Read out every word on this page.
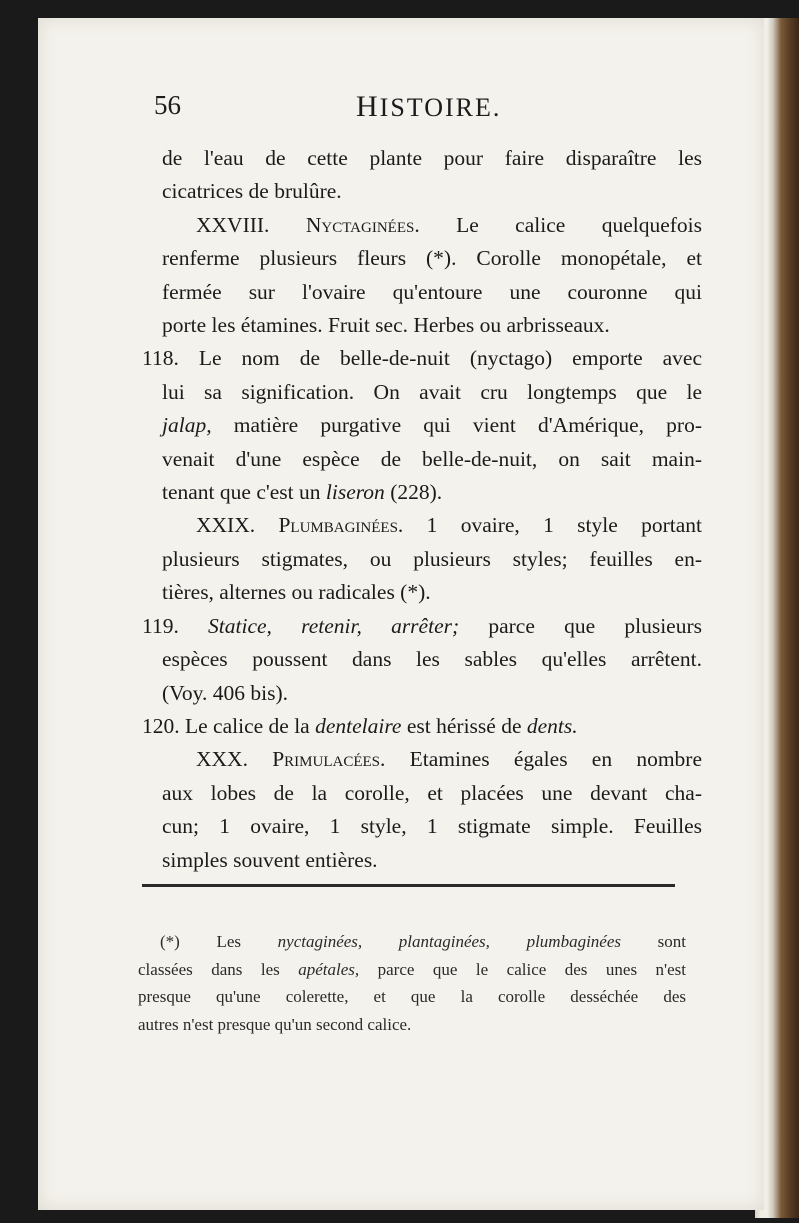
56	HISTOIRE.

de l'eau de cette plante pour faire disparaître les

cicatrices de brulûre.

XXVIII. Nyctaginées. Le calice quelquefois

renferme plusieurs fleurs (*). Corolle monopétale, et

fermée sur l'ovaire qu'entoure une couronne qui

porte les étamines. Fruit sec. Herbes ou arbrisseaux.

118. Le nom de belle-de-nuit (nyctago) emporte avec

lui sa signification. On avait cru longtemps que le

jalap, matière purgative qui vient d'Amérique, pro-

venait d'une espèce de belle-de-nuit, on sait main-

tenant que c'est un liseron (228).

XXIX. Plumbaginées. 1 ovaire, 1 style portant

plusieurs stigmates, ou plusieurs styles; feuilles en-

tières, alternes ou radicales (*).

119. Statice, retenir, arrêter; parce que plusieurs

espèces poussent dans les sables qu'elles arrêtent.

(Voy. 406 bis).

120. Le calice de la dentelaire est hérissé de dents.

XXX. Primulacées. Etamines égales en nombre

aux lobes de la corolle, et placées une devant cha-

cun; 1 ovaire, 1 style, 1 stigmate simple. Feuilles

simples souvent entières.

(*) Les nyctaginées, plantaginées, plumbaginées sont

classées dans les apétales, parce que le calice des unes n'est

presque qu'une colerette, et que la corolle desséchée des

autres n'est presque qu'un second calice.
